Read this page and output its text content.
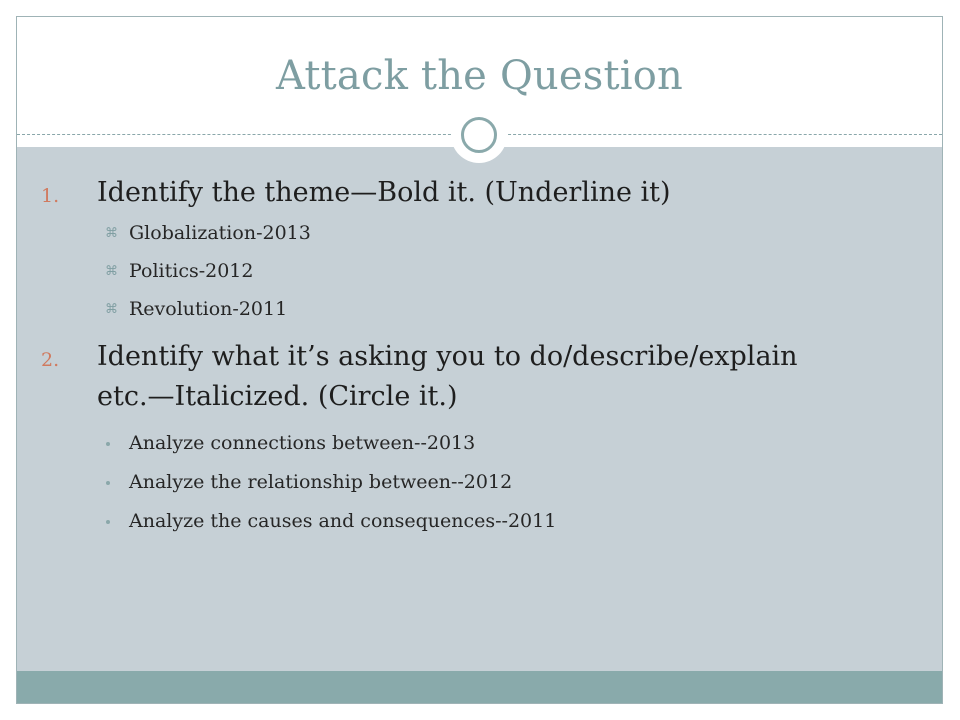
Attack the Question
1. Identify the theme—Bold it. (Underline it)
⌘ Globalization-2013
⌘ Politics-2012
⌘ Revolution-2011
2. Identify what it’s asking you to do/describe/explain
etc.—Italicized. (Circle it.)
Analyze connections between--2013
Analyze the relationship between--2012
Analyze the causes and consequences--2011
